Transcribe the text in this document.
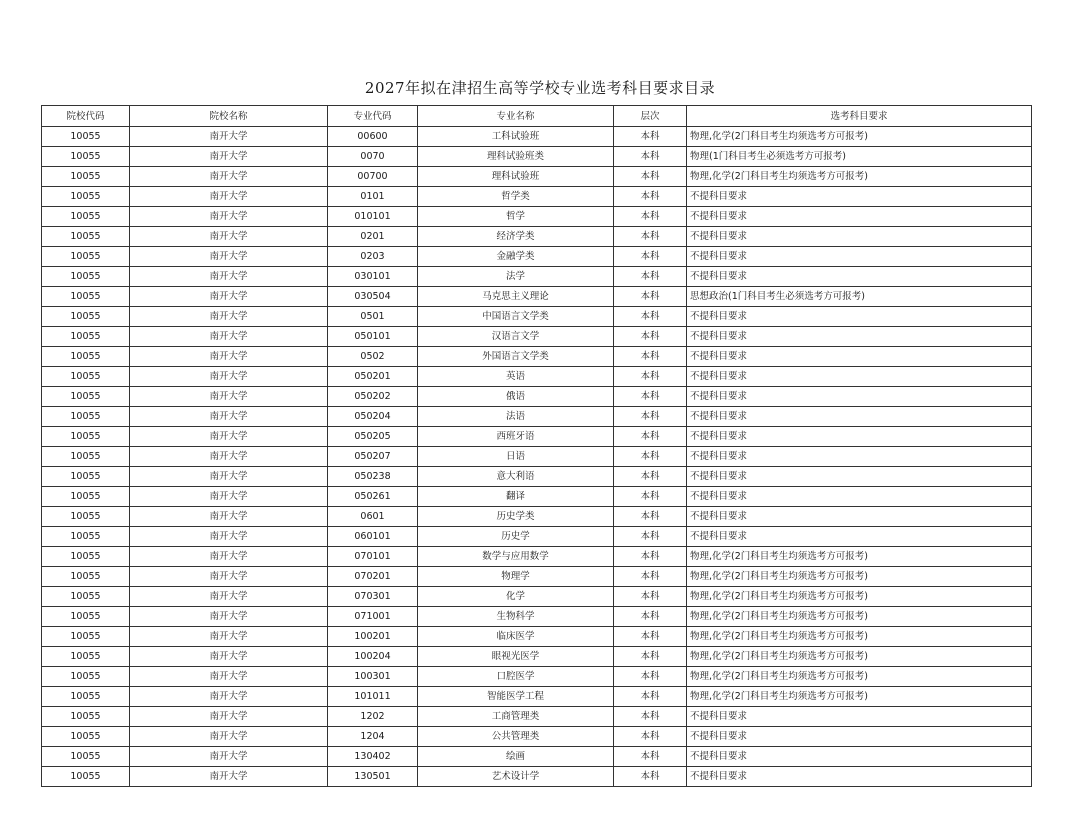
2027年拟在津招生高等学校专业选考科目要求目录
院校代码	院校名称	专业代码	专业名称	层次	选考科目要求
10055	南开大学	00600	工科试验班	本科	物理,化学(2门科目考生均须选考方可报考)
10055	南开大学	0070	理科试验班类	本科	物理(1门科目考生必须选考方可报考)
10055	南开大学	00700	理科试验班	本科	物理,化学(2门科目考生均须选考方可报考)
10055	南开大学	0101	哲学类	本科	不提科目要求
10055	南开大学	010101	哲学	本科	不提科目要求
10055	南开大学	0201	经济学类	本科	不提科目要求
10055	南开大学	0203	金融学类	本科	不提科目要求
10055	南开大学	030101	法学	本科	不提科目要求
10055	南开大学	030504	马克思主义理论	本科	思想政治(1门科目考生必须选考方可报考)
10055	南开大学	0501	中国语言文学类	本科	不提科目要求
10055	南开大学	050101	汉语言文学	本科	不提科目要求
10055	南开大学	0502	外国语言文学类	本科	不提科目要求
10055	南开大学	050201	英语	本科	不提科目要求
10055	南开大学	050202	俄语	本科	不提科目要求
10055	南开大学	050204	法语	本科	不提科目要求
10055	南开大学	050205	西班牙语	本科	不提科目要求
10055	南开大学	050207	日语	本科	不提科目要求
10055	南开大学	050238	意大利语	本科	不提科目要求
10055	南开大学	050261	翻译	本科	不提科目要求
10055	南开大学	0601	历史学类	本科	不提科目要求
10055	南开大学	060101	历史学	本科	不提科目要求
10055	南开大学	070101	数学与应用数学	本科	物理,化学(2门科目考生均须选考方可报考)
10055	南开大学	070201	物理学	本科	物理,化学(2门科目考生均须选考方可报考)
10055	南开大学	070301	化学	本科	物理,化学(2门科目考生均须选考方可报考)
10055	南开大学	071001	生物科学	本科	物理,化学(2门科目考生均须选考方可报考)
10055	南开大学	100201	临床医学	本科	物理,化学(2门科目考生均须选考方可报考)
10055	南开大学	100204	眼视光医学	本科	物理,化学(2门科目考生均须选考方可报考)
10055	南开大学	100301	口腔医学	本科	物理,化学(2门科目考生均须选考方可报考)
10055	南开大学	101011	智能医学工程	本科	物理,化学(2门科目考生均须选考方可报考)
10055	南开大学	1202	工商管理类	本科	不提科目要求
10055	南开大学	1204	公共管理类	本科	不提科目要求
10055	南开大学	130402	绘画	本科	不提科目要求
10055	南开大学	130501	艺术设计学	本科	不提科目要求
